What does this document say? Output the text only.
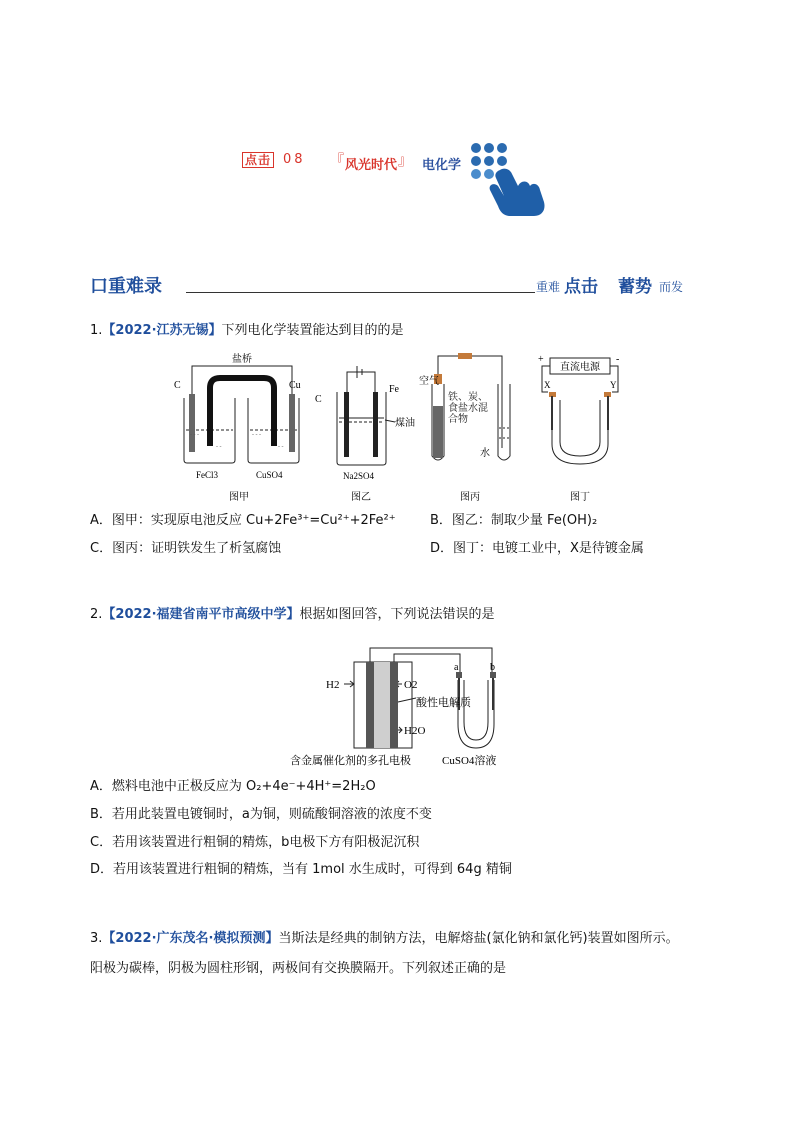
点击 08 『 风光时代 』 电化学
口重难录	重难 点击 蓄势 而发
1.【2022·江苏无锡】下列电化学装置能达到目的的是
- - -	- - -
- -	- -
盐桥
C	Cu
FeCl3	CuSO4
图甲
C
Fe
煤油
Na2SO4
图乙
空气
铁、炭、食盐水混合物
水
图丙
直流电源
+	-
X	Y
图丁
A．图甲：实现原电池反应 Cu+2Fe³⁺=Cu²⁺+2Fe²⁺	B．图乙：制取少量 Fe(OH)₂
C．图丙：证明铁发生了析氢腐蚀	D．图丁：电镀工业中，X是待镀金属
2.【2022·福建省南平市高级中学】根据如图回答，下列说法错误的是
H2	O2
酸性电解质
H2O
a	b
含金属催化剂的多孔电极	CuSO4溶液
A．燃料电池中正极反应为 O₂+4e⁻+4H⁺=2H₂O
B．若用此装置电镀铜时，a为铜，则硫酸铜溶液的浓度不变
C．若用该装置进行粗铜的精炼，b电极下方有阳极泥沉积
D．若用该装置进行粗铜的精炼，当有 1mol 水生成时，可得到 64g 精铜
3.【2022·广东茂名·模拟预测】当斯法是经典的制钠方法，电解熔盐(氯化钠和氯化钙)装置如图所示。
阳极为碳棒，阴极为圆柱形钢，两极间有交换膜隔开。下列叙述正确的是
